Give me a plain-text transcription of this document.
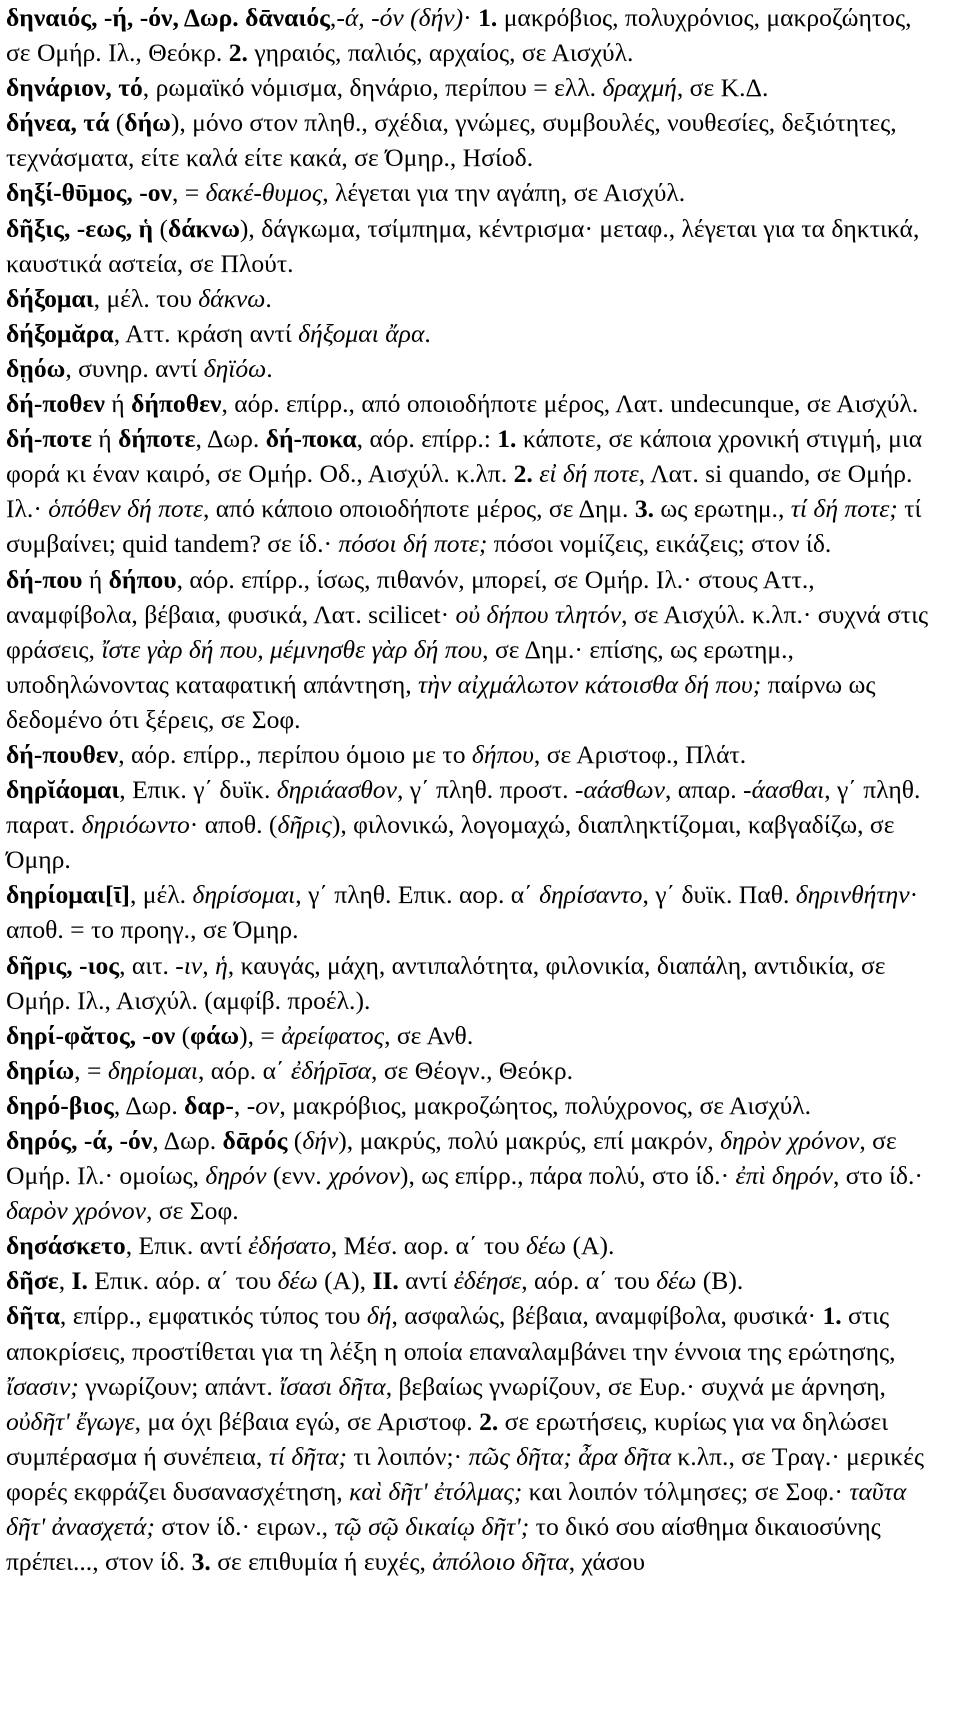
δηναιός, -ή, -όν, Δωρ. δᾱναιός,-ά, -όν (δήν)· 1. μακρόβιος, πολυχρόνιος, μακροζώητος, σε Ομήρ. Ιλ., Θεόκρ. 2. γηραιός, παλιός, αρχαίος, σε Αισχύλ.

δηνάριον, τό, ρωμαϊκό νόμισμα, δηνάριο, περίπου = ελλ. δραχμή, σε Κ.Δ.

δήνεα, τά (δήω), μόνο στον πληθ., σχέδια, γνώμες, συμβουλές, νουθεσίες, δεξιότητες, τεχνάσματα, είτε καλά είτε κακά, σε Όμηρ., Ησίοδ.

δηξί-θῡμος, -ον, = δακέ-θυμος, λέγεται για την αγάπη, σε Αισχύλ.

δῆξις, -εως, ἡ (δάκνω), δάγκωμα, τσίμπημα, κέντρισμα· μεταφ., λέγεται για τα δηκτικά, καυστικά αστεία, σε Πλούτ.

δήξομαι, μέλ. του δάκνω.

δήξομᾰρα, Αττ. κράση αντί δήξομαι ἄρα.

δῃόω, συνηρ. αντί δηϊόω.

δή-ποθεν ή δήποθεν, αόρ. επίρρ., από οποιοδήποτε μέρος, Λατ. undecunque, σε Αισχύλ.

δή-ποτε ή δήποτε, Δωρ. δή-ποκα, αόρ. επίρρ.: 1. κάποτε, σε κάποια χρονική στιγμή, μια φορά κι έναν καιρό, σε Ομήρ. Οδ., Αισχύλ. κ.λπ. 2. εἰ δή ποτε, Λατ. si quando, σε Ομήρ. Ιλ.· ὁπόθεν δή ποτε, από κάποιο οποιοδήποτε μέρος, σε Δημ. 3. ως ερωτημ., τί δή ποτε; τί συμβαίνει; quid tandem? σε ίδ.· πόσοι δή ποτε; πόσοι νομίζεις, εικάζεις; στον ίδ.

δή-που ή δήπου, αόρ. επίρρ., ίσως, πιθανόν, μπορεί, σε Ομήρ. Ιλ.· στους Αττ., αναμφίβολα, βέβαια, φυσικά, Λατ. scilicet· οὐ δήπου τλητόν, σε Αισχύλ. κ.λπ.· συχνά στις φράσεις, ἴστε γὰρ δή που, μέμνησθε γὰρ δή που, σε Δημ.· επίσης, ως ερωτημ., υποδηλώνοντας καταφατική απάντηση, τὴν αἰχμάλωτον κάτοισθα δή που; παίρνω ως δεδομένο ότι ξέρεις, σε Σοφ.

δή-πουθεν, αόρ. επίρρ., περίπου όμοιο με το δήπου, σε Αριστοφ., Πλάτ.

δηρῐάομαι, Επικ. γ΄ δυϊκ. δηριάασθον, γ΄ πληθ. προστ. -αάσθων, απαρ. -άασθαι, γ΄ πληθ. παρατ. δηριόωντο· αποθ. (δῆρις), φιλονικώ, λογομαχώ, διαπληκτίζομαι, καβγαδίζω, σε Όμηρ.

δηρίομαι[ῑ], μέλ. δηρίσομαι, γ΄ πληθ. Επικ. αορ. α΄ δηρίσαντο, γ΄ δυϊκ. Παθ. δηρινθήτην· αποθ. = το προηγ., σε Όμηρ.

δῆρις, -ιος, αιτ. -ιν, ἡ, καυγάς, μάχη, αντιπαλότητα, φιλονικία, διαπάλη, αντιδικία, σε Ομήρ. Ιλ., Αισχύλ. (αμφίβ. προέλ.).

δηρί-φᾰτος, -ον (φάω), = ἀρείφατος, σε Ανθ.

δηρίω, = δηρίομαι, αόρ. α΄ ἐδήρῑσα, σε Θέογν., Θεόκρ.

δηρό-βιος, Δωρ. δαρ-, -ον, μακρόβιος, μακροζώητος, πολύχρονος, σε Αισχύλ.

δηρός, -ά, -όν, Δωρ. δᾱρός (δήν), μακρύς, πολύ μακρύς, επί μακρόν, δηρὸν χρόνον, σε Ομήρ. Ιλ.· ομοίως, δηρόν (ενν. χρόνον), ως επίρρ., πάρα πολύ, στο ίδ.· ἐπὶ δηρόν, στο ίδ.· δαρὸν χρόνον, σε Σοφ.

δησάσκετο, Επικ. αντί ἐδήσατο, Μέσ. αορ. α΄ του δέω (Α).

δῆσε, I. Επικ. αόρ. α΄ του δέω (Α), II. αντί ἐδέησε, αόρ. α΄ του δέω (Β).

δῆτα, επίρρ., εμφατικός τύπος του δή, ασφαλώς, βέβαια, αναμφίβολα, φυσικά· 1. στις αποκρίσεις, προστίθεται για τη λέξη η οποία επαναλαμβάνει την έννοια της ερώτησης, ἴσασιν; γνωρίζουν; απάντ. ἴσασι δῆτα, βεβαίως γνωρίζουν, σε Ευρ.· συχνά με άρνηση, οὐδῆτ' ἔγωγε, μα όχι βέβαια εγώ, σε Αριστοφ. 2. σε ερωτήσεις, κυρίως για να δηλώσει συμπέρασμα ή συνέπεια, τί δῆτα; τι λοιπόν;· πῶς δῆτα; ἆρα δῆτα κ.λπ., σε Τραγ.· μερικές φορές εκφράζει δυσανασχέτηση, καὶ δῆτ' ἐτόλμας; και λοιπόν τόλμησες; σε Σοφ.· ταῦτα δῆτ' ἀνασχετά; στον ίδ.· ειρων., τῷ σῷ δικαίῳ δῆτ'; το δικό σου αίσθημα δικαιοσύνης πρέπει..., στον ίδ. 3. σε επιθυμία ή ευχές, ἀπόλοιο δῆτα, χάσου
